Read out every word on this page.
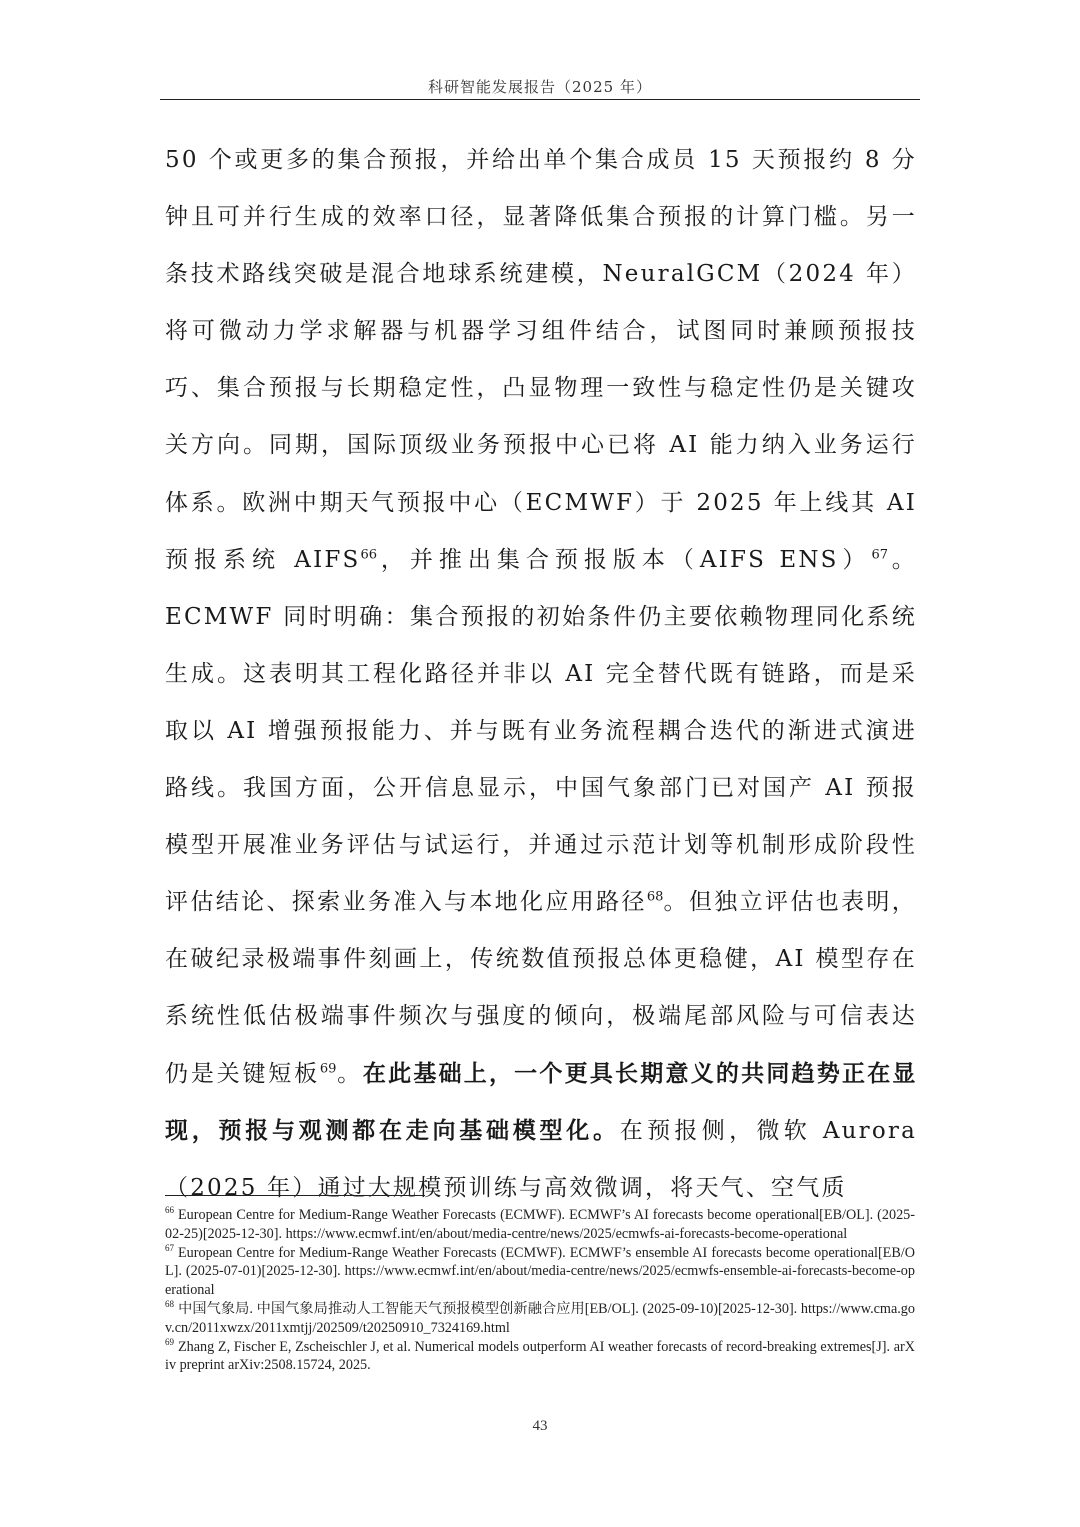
科研智能发展报告（2025 年）

50 个或更多的集合预报，并给出单个集合成员 15 天预报约 8 分钟且可并行生成的效率口径，显著降低集合预报的计算门槛。另一条技术路线突破是混合地球系统建模，NeuralGCM（2024 年）将可微动力学求解器与机器学习组件结合，试图同时兼顾预报技巧、集合预报与长期稳定性，凸显物理一致性与稳定性仍是关键攻关方向。同期，国际顶级业务预报中心已将 AI 能力纳入业务运行体系。欧洲中期天气预报中心（ECMWF）于 2025 年上线其 AI 预报系统 AIFS$^{66}$，并推出集合预报版本（AIFS ENS）$^{67}$。ECMWF 同时明确：集合预报的初始条件仍主要依赖物理同化系统生成。这表明其工程化路径并非以 AI 完全替代既有链路，而是采取以 AI 增强预报能力、并与既有业务流程耦合迭代的渐进式演进路线。我国方面，公开信息显示，中国气象部门已对国产 AI 预报模型开展准业务评估与试运行，并通过示范计划等机制形成阶段性评估结论、探索业务准入与本地化应用路径$^{68}$。但独立评估也表明，在破纪录极端事件刻画上，传统数值预报总体更稳健，AI 模型存在系统性低估极端事件频次与强度的倾向，极端尾部风险与可信表达仍是关键短板$^{69}$。在此基础上，一个更具长期意义的共同趋势正在显现，预报与观测都在走向基础模型化。在预报侧，微软 Aurora（2025 年）通过大规模预训练与高效微调，将天气、空气质

$^{66}$ European Centre for Medium-Range Weather Forecasts (ECMWF). ECMWF’s AI forecasts become operational[EB/OL]. (2025-02-25)[2025-12-30]. https://www.ecmwf.int/en/about/media-centre/news/2025/ecmwfs-ai-forecasts-become-operational

$^{67}$ European Centre for Medium-Range Weather Forecasts (ECMWF). ECMWF’s ensemble AI forecasts become operational[EB/OL]. (2025-07-01)[2025-12-30]. https://www.ecmwf.int/en/about/media-centre/news/2025/ecmwfs-ensemble-ai-forecasts-become-operational

$^{68}$ 中国气象局. 中国气象局推动人工智能天气预报模型创新融合应用[EB/OL]. (2025-09-10)[2025-12-30]. https://www.cma.gov.cn/2011xwzx/2011xmtjj/202509/t20250910_7324169.html

$^{69}$ Zhang Z, Fischer E, Zscheischler J, et al. Numerical models outperform AI weather forecasts of record-breaking extremes[J]. arXiv preprint arXiv:2508.15724, 2025.

43
